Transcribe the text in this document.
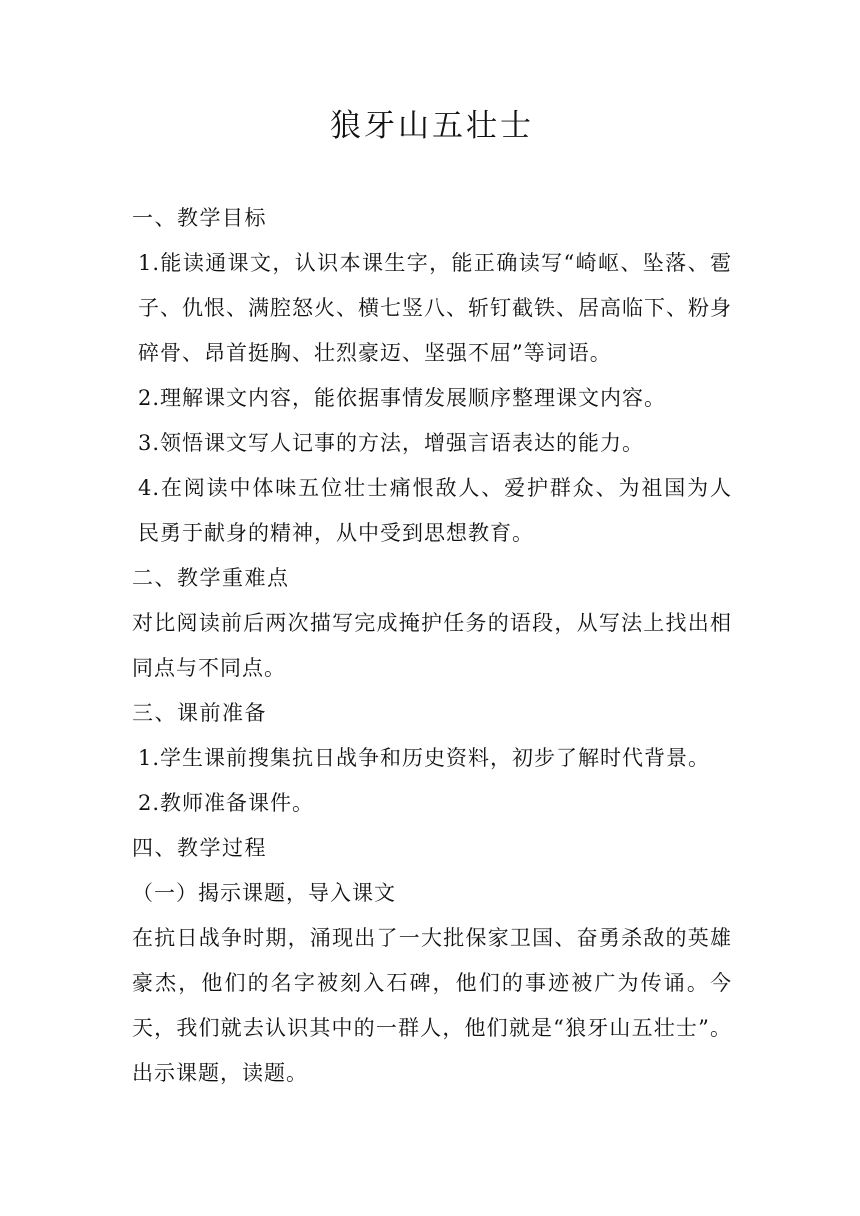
狼牙山五壮士
一、教学目标

1.能读通课文，认识本课生字，能正确读写“崎岖、坠落、雹子、仇恨、满腔怒火、横七竖八、斩钉截铁、居高临下、粉身碎骨、昂首挺胸、壮烈豪迈、坚强不屈”等词语。

2.理解课文内容，能依据事情发展顺序整理课文内容。

3.领悟课文写人记事的方法，增强言语表达的能力。

4.在阅读中体味五位壮士痛恨敌人、爱护群众、为祖国为人民勇于献身的精神，从中受到思想教育。

二、教学重难点

对比阅读前后两次描写完成掩护任务的语段，从写法上找出相同点与不同点。

三、课前准备

1.学生课前搜集抗日战争和历史资料，初步了解时代背景。

2.教师准备课件。

四、教学过程
（一）揭示课题，导入课文

在抗日战争时期，涌现出了一大批保家卫国、奋勇杀敌的英雄豪杰，他们的名字被刻入石碑，他们的事迹被广为传诵。今天，我们就去认识其中的一群人，他们就是“狼牙山五壮士”。出示课题，读题。
